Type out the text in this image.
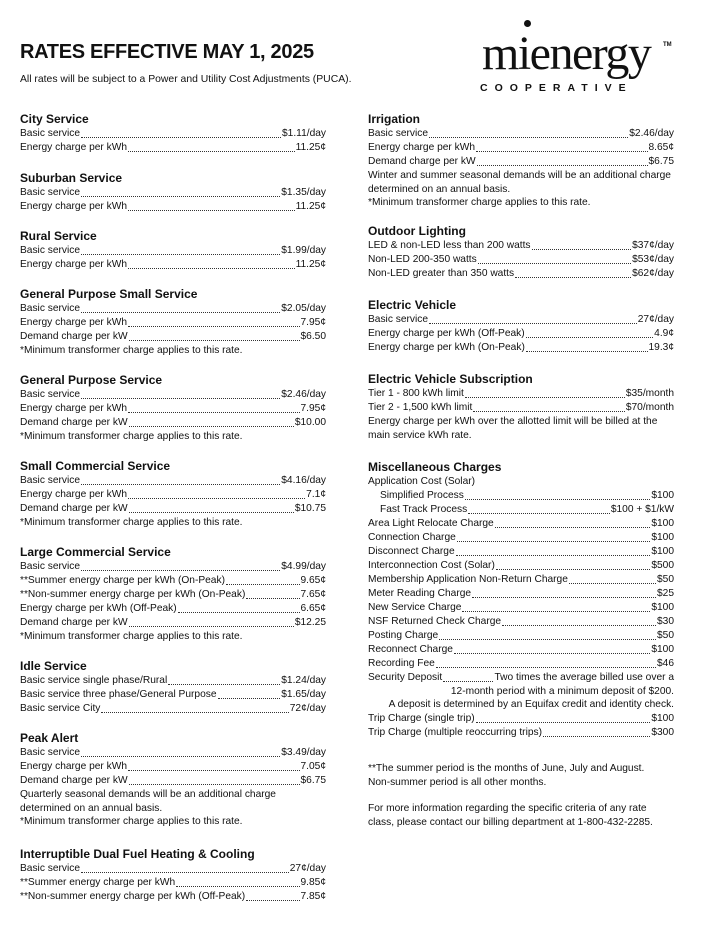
RATES EFFECTIVE MAY 1, 2025
All rates will be subject to a Power and Utility Cost Adjustments (PUCA).	mienergy TM
COOPERATIVE
City Service
Basic service	$1.11/day
Energy charge per kWh	11.25¢
Suburban Service
Basic service	$1.35/day
Energy charge per kWh	11.25¢
Rural Service
Basic service	$1.99/day
Energy charge per kWh	11.25¢
General Purpose Small Service
Basic service	$2.05/day
Energy charge per kWh	7.95¢
Demand charge per kW	$6.50
*Minimum transformer charge applies to this rate.
General Purpose Service
Basic service	$2.46/day
Energy charge per kWh	7.95¢
Demand charge per kW	$10.00
*Minimum transformer charge applies to this rate.
Small Commercial Service
Basic service	$4.16/day
Energy charge per kWh	7.1¢
Demand charge per kW	$10.75
*Minimum transformer charge applies to this rate.
Large Commercial Service
Basic service	$4.99/day
**Summer energy charge per kWh (On-Peak)	9.65¢
**Non-summer energy charge per kWh (On-Peak)	7.65¢
Energy charge per kWh (Off-Peak)	6.65¢
Demand charge per kW	$12.25
*Minimum transformer charge applies to this rate.
Idle Service
Basic service single phase/Rural	$1.24/day
Basic service three phase/General Purpose	$1.65/day
Basic service City	72¢/day
Peak Alert
Basic service	$3.49/day
Energy charge per kWh	7.05¢
Demand charge per kW	$6.75
Quarterly seasonal demands will be an additional charge determined on an annual basis.
*Minimum transformer charge applies to this rate.
Interruptible Dual Fuel Heating & Cooling
Basic service	27¢/day
**Summer energy charge per kWh	9.85¢
**Non-summer energy charge per kWh (Off-Peak)	7.85¢
Irrigation
Basic service	$2.46/day
Energy charge per kWh	8.65¢
Demand charge per kW	$6.75
Winter and summer seasonal demands will be an additional charge determined on an annual basis.
*Minimum transformer charge applies to this rate.
Outdoor Lighting
LED & non-LED less than 200 watts	$37¢/day
Non-LED 200-350 watts	$53¢/day
Non-LED greater than 350 watts	$62¢/day
Electric Vehicle
Basic service	27¢/day
Energy charge per kWh (Off-Peak)	4.9¢
Energy charge per kWh (On-Peak)	19.3¢
Electric Vehicle Subscription
Tier 1 - 800 kWh limit	$35/month
Tier 2 - 1,500 kWh limit	$70/month
Energy charge per kWh over the allotted limit will be billed at the main service kWh rate.
Miscellaneous Charges
Application Cost (Solar)
Simplified Process	$100
Fast Track Process	$100 + $1/kW
Area Light Relocate Charge	$100
Connection Charge	$100
Disconnect Charge	$100
Interconnection Cost (Solar)	$500
Membership Application Non-Return Charge	$50
Meter Reading Charge	$25
New Service Charge	$100
NSF Returned Check Charge	$30
Posting Charge	$50
Reconnect Charge	$100
Recording Fee	$46
Security Deposit	Two times the average billed use over a
12-month period with a minimum deposit of $200.
A deposit is determined by an Equifax credit and identity check.
Trip Charge (single trip)	$100
Trip Charge (multiple reoccurring trips)	$300
**The summer period is the months of June, July and August.
Non-summer period is all other months.
For more information regarding the specific criteria of any rate class, please contact our billing department at 1-800-432-2285.
